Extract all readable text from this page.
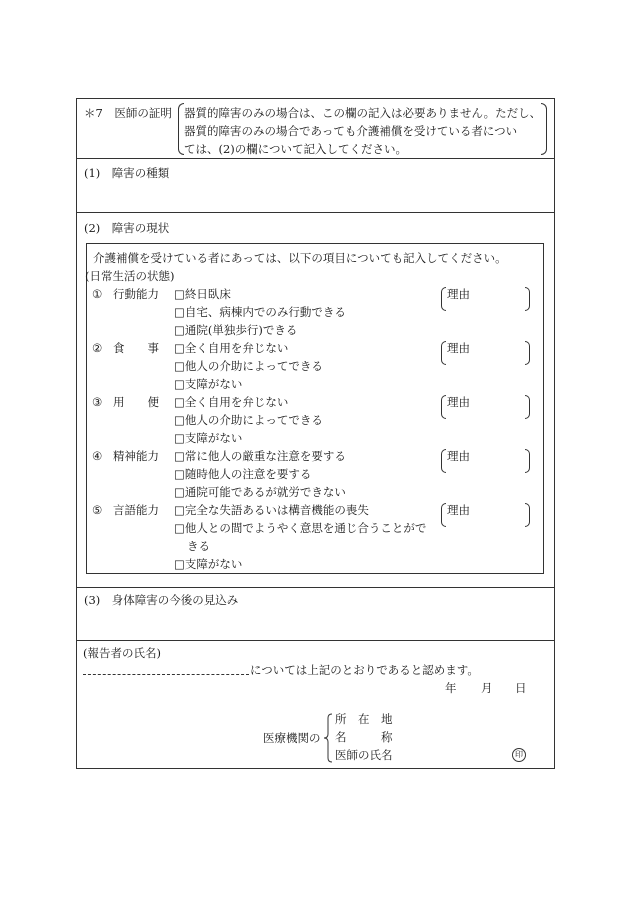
＊7　医師の証明 器質的障害のみの場合は、この欄の記入は必要ありません。ただし、
器質的障害のみの場合であっても介護補償を受けている者につい
ては、(2)の欄について記入してください。
(1)　障害の種類
(2)　障害の現状
介護補償を受けている者にあっては、以下の項目についても記入してください。
(日常生活の状態)
① 行動能力 □終日臥床
□自宅、病棟内でのみ行動できる
□通院(単独歩行)できる
理由
② 食　　事 □全く自用を弁じない
□他人の介助によってできる
□支障がない
理由
③ 用　　便 □全く自用を弁じない
□他人の介助によってできる
□支障がない
理由
④ 精神能力 □常に他人の厳重な注意を要する
□随時他人の注意を要する
□通院可能であるが就労できない
理由
⑤ 言語能力 □完全な失語あるいは構音機能の喪失
□他人との間でようやく意思を通じ合うことがで
きる
□支障がない
理由
(3)　身体障害の今後の見込み
(報告者の氏名)
については上記のとおりであると認めます。
年 月 日
医療機関の
所　在　地
名　　　称
医師の氏名	印
